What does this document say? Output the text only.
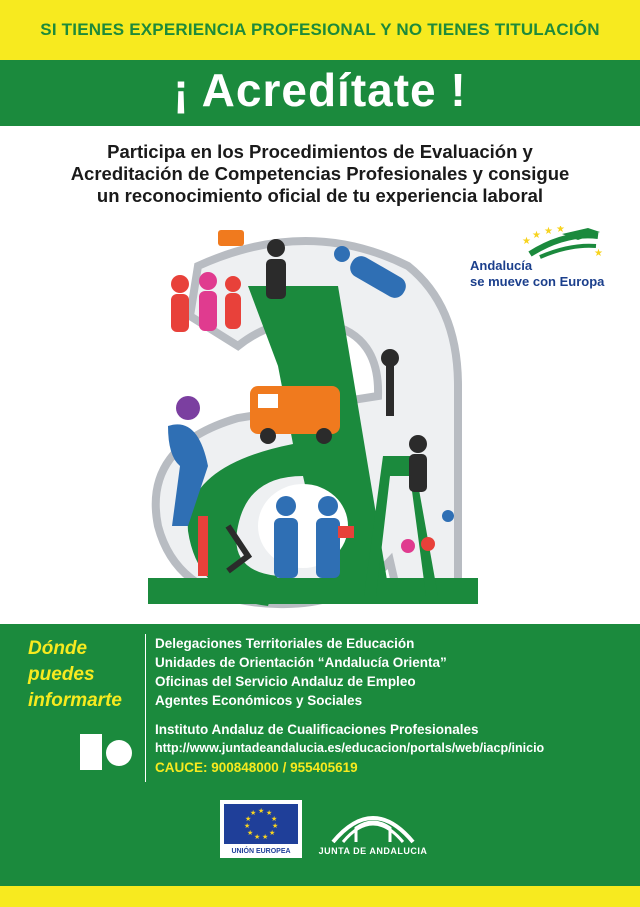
SI TIENES EXPERIENCIA PROFESIONAL Y NO TIENES TITULACIÓN
¡ Acredítate !
Participa en los Procedimientos de Evaluación y
Acreditación de Competencias Profesionales y consigue
un reconocimiento oficial de tu experiencia laboral
★
★ ★ ★
★
Andalucía
se mueve con Europa
Dónde
puedes
informarte
Delegaciones Territoriales de Educación
Unidades de Orientación “Andalucía Orienta”
Oficinas del Servicio Andaluz de Empleo
Agentes Económicos y Sociales
Instituto Andaluz de Cualificaciones Profesionales
http://www.juntadeandalucia.es/educacion/portals/web/iacp/inicio
CAUCE: 900848000 / 955405619
★ ★
★
★
★
★
★
★
★
★
★
UNIÓN EUROPEA	JUNTA DE ANDALUCIA
